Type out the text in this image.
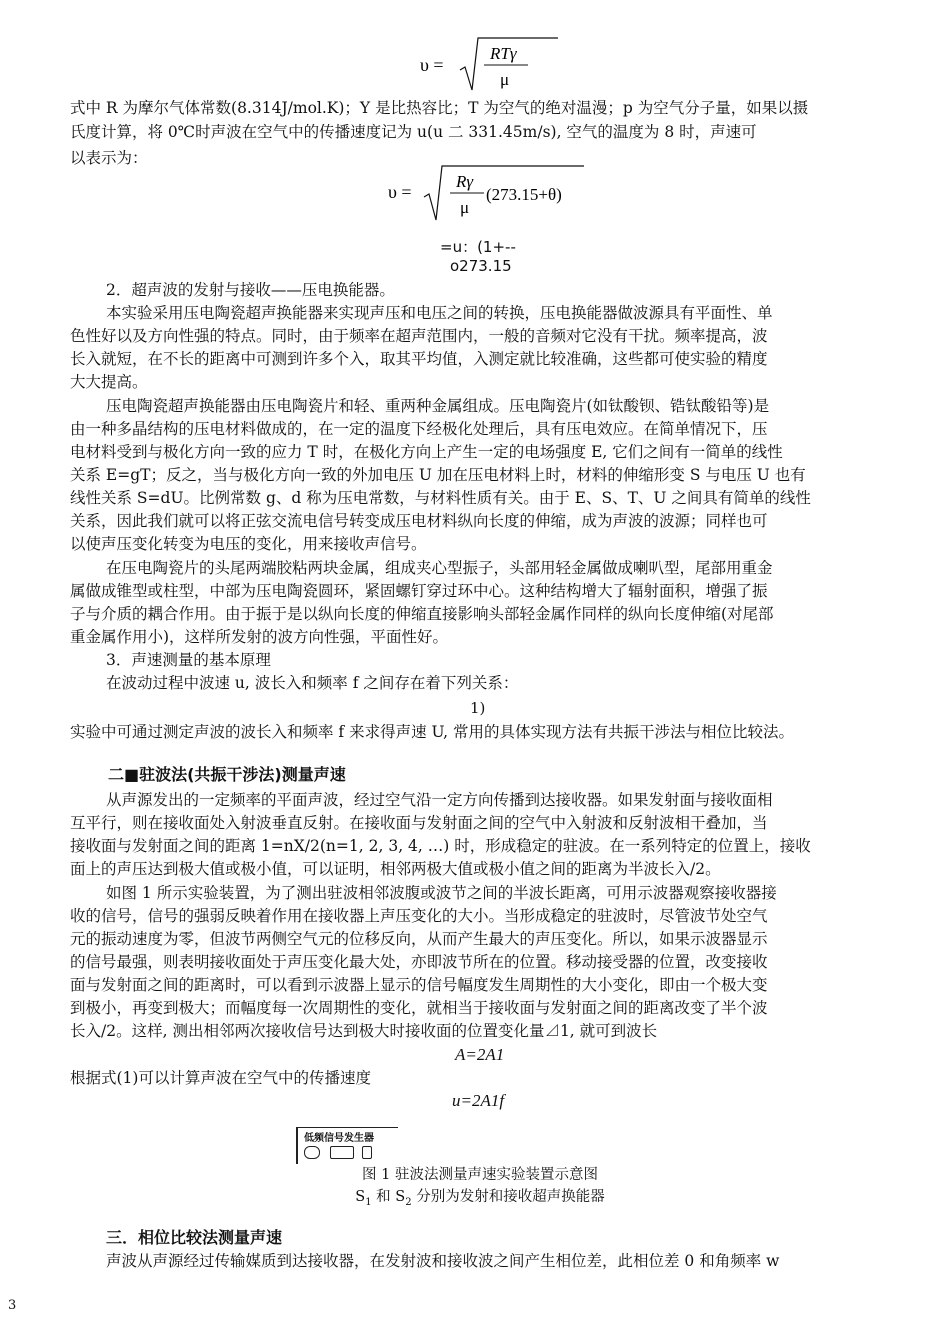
υ =
RTγ
μ
式中 R 为摩尔气体常数(8.314J/mol.K)；Y 是比热容比；T 为空气的绝对温漫；p 为空气分子量，如果以摄
氏度计算，将 0℃时声波在空气中的传播速度记为 u(u 二 331.45m/s), 空气的温度为 8 时，声速可
以表示为：
υ =
Rγ
μ
(273.15+θ)
=u：(1+--
o273.15
2．超声波的发射与接收——压电换能器。
本实验采用压电陶瓷超声换能器来实现声压和电压之间的转换，压电换能器做波源具有平面性、单
色性好以及方向性强的特点。同时，由于频率在超声范围内，一般的音频对它没有干扰。频率提高，波
长入就短，在不长的距离中可测到许多个入，取其平均值，入测定就比较准确，这些都可使实验的精度
大大提高。
压电陶瓷超声换能器由压电陶瓷片和轻、重两种金属组成。压电陶瓷片(如钛酸钡、锆钛酸铅等)是
由一种多晶结构的压电材料做成的，在一定的温度下经极化处理后，具有压电效应。在简单情况下，压
电材料受到与极化方向一致的应力 T 时，在极化方向上产生一定的电场强度 E, 它们之间有一简单的线性
关系 E=gT；反之，当与极化方向一致的外加电压 U 加在压电材料上时，材料的伸缩形变 S 与电压 U 也有
线性关系 S=dU。比例常数 g、d 称为压电常数，与材料性质有关。由于 E、S、T、U 之间具有简单的线性
关系，因此我们就可以将正弦交流电信号转变成压电材料纵向长度的伸缩，成为声波的波源；同样也可
以使声压变化转变为电压的变化，用来接收声信号。
在压电陶瓷片的头尾两端胶粘两块金属，组成夹心型振子，头部用轻金属做成喇叭型，尾部用重金
属做成锥型或柱型，中部为压电陶瓷圆环，紧固螺钉穿过环中心。这种结构增大了辐射面积，增强了振
子与介质的耦合作用。由于振于是以纵向长度的伸缩直接影响头部轻金属作同样的纵向长度伸缩(对尾部
重金属作用小)，这样所发射的波方向性强，平面性好。
3．声速测量的基本原理
在波动过程中波速 u, 波长入和频率 f 之间存在着下列关系：
1)
实验中可通过测定声波的波长入和频率 f 来求得声速 U, 常用的具体实现方法有共振干涉法与相位比较法。
二■驻波法(共振干涉法)测量声速
从声源发出的一定频率的平面声波，经过空气沿一定方向传播到达接收器。如果发射面与接收面相
互平行，则在接收面处入射波垂直反射。在接收面与发射面之间的空气中入射波和反射波相干叠加，当
接收面与发射面之间的距离 1=nX/2(n=1, 2, 3, 4, …) 时，形成稳定的驻波。在一系列特定的位置上，接收
面上的声压达到极大值或极小值，可以证明，相邻两极大值或极小值之间的距离为半波长入/2。
如图 1 所示实验装置，为了测出驻波相邻波腹或波节之间的半波长距离，可用示波器观察接收器接
收的信号，信号的强弱反映着作用在接收器上声压变化的大小。当形成稳定的驻波时，尽管波节处空气
元的振动速度为零，但波节两侧空气元的位移反向，从而产生最大的声压变化。所以，如果示波器显示
的信号最强，则表明接收面处于声压变化最大处，亦即波节所在的位置。移动接受器的位置，改变接收
面与发射面之间的距离时，可以看到示波器上显示的信号幅度发生周期性的大小变化，即由一个极大变
到极小，再变到极大；而幅度每一次周期性的变化，就相当于接收面与发射面之间的距离改变了半个波
长入/2。这样, 测出相邻两次接收信号达到极大时接收面的位置变化量⊿1, 就可到波长
A=2A1
根据式(1)可以计算声波在空气中的传播速度
u=2A1f
低频信号发生器
图 1 驻波法测量声速实验装置示意图
$S_1$ 和 $S_2$ 分别为发射和接收超声换能器
三．相位比较法测量声速
声波从声源经过传输媒质到达接收器，在发射波和接收波之间产生相位差，此相位差 0 和角频率 w
3
